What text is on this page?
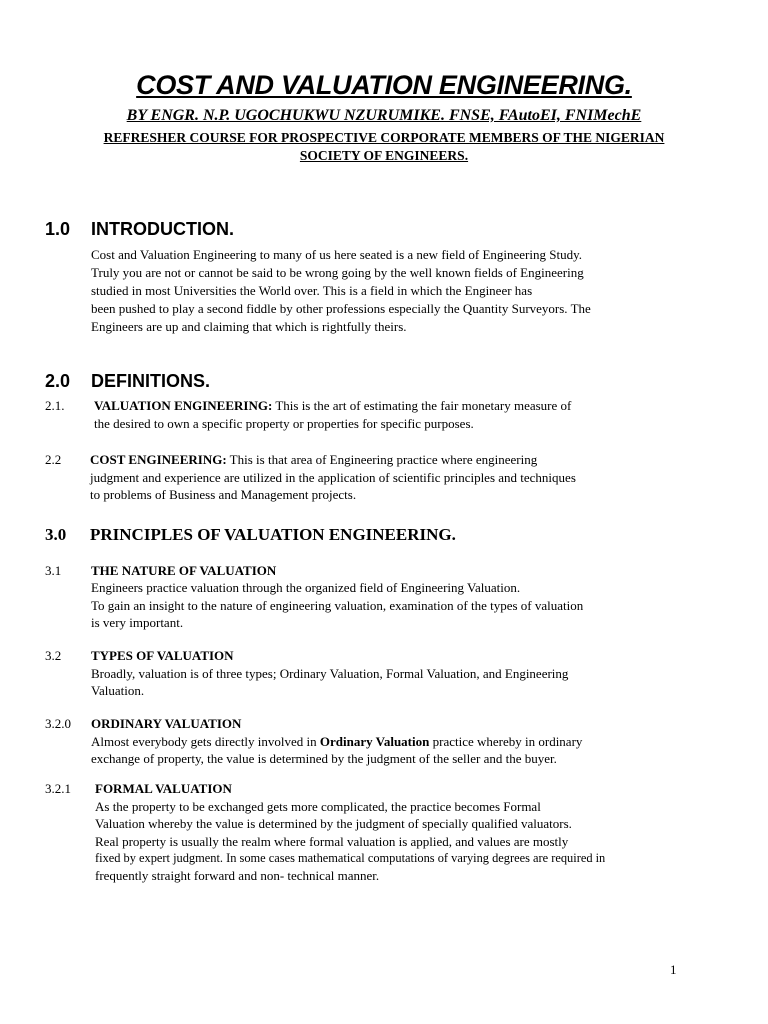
COST AND VALUATION ENGINEERING.
BY ENGR. N.P. UGOCHUKWU NZURUMIKE. FNSE, FAutoEI, FNIMechE
REFRESHER COURSE FOR PROSPECTIVE CORPORATE MEMBERS OF THE NIGERIAN
SOCIETY OF ENGINEERS.
1.0 INTRODUCTION.
Cost and Valuation Engineering to many of us here seated is a new field of Engineering Study.
Truly you are not or cannot be said to be wrong going by the well known fields of Engineering
studied in most Universities the World over. This is a field in which the Engineer has
been pushed to play a second fiddle by other professions especially the Quantity Surveyors. The
Engineers are up and claiming that which is rightfully theirs.
2.0 DEFINITIONS.
2.1. VALUATION ENGINEERING: This is the art of estimating the fair monetary measure of
the desired to own a specific property or properties for specific purposes.
2.2 COST ENGINEERING: This is that area of Engineering practice where engineering
judgment and experience are utilized in the application of scientific principles and techniques
to problems of Business and Management projects.
3.0 PRINCIPLES OF VALUATION ENGINEERING.
3.1 THE NATURE OF VALUATION
Engineers practice valuation through the organized field of Engineering Valuation.
To gain an insight to the nature of engineering valuation, examination of the types of valuation
is very important.
3.2 TYPES OF VALUATION
Broadly, valuation is of three types; Ordinary Valuation, Formal Valuation, and Engineering
Valuation.
3.2.0 ORDINARY VALUATION
Almost everybody gets directly involved in Ordinary Valuation practice whereby in ordinary
exchange of property, the value is determined by the judgment of the seller and the buyer.
3.2.1 FORMAL VALUATION
As the property to be exchanged gets more complicated, the practice becomes Formal
Valuation whereby the value is determined by the judgment of specially qualified valuators.
Real property is usually the realm where formal valuation is applied, and values are mostly
fixed by expert judgment. In some cases mathematical computations of varying degrees are required in
frequently straight forward and non- technical manner.
1
